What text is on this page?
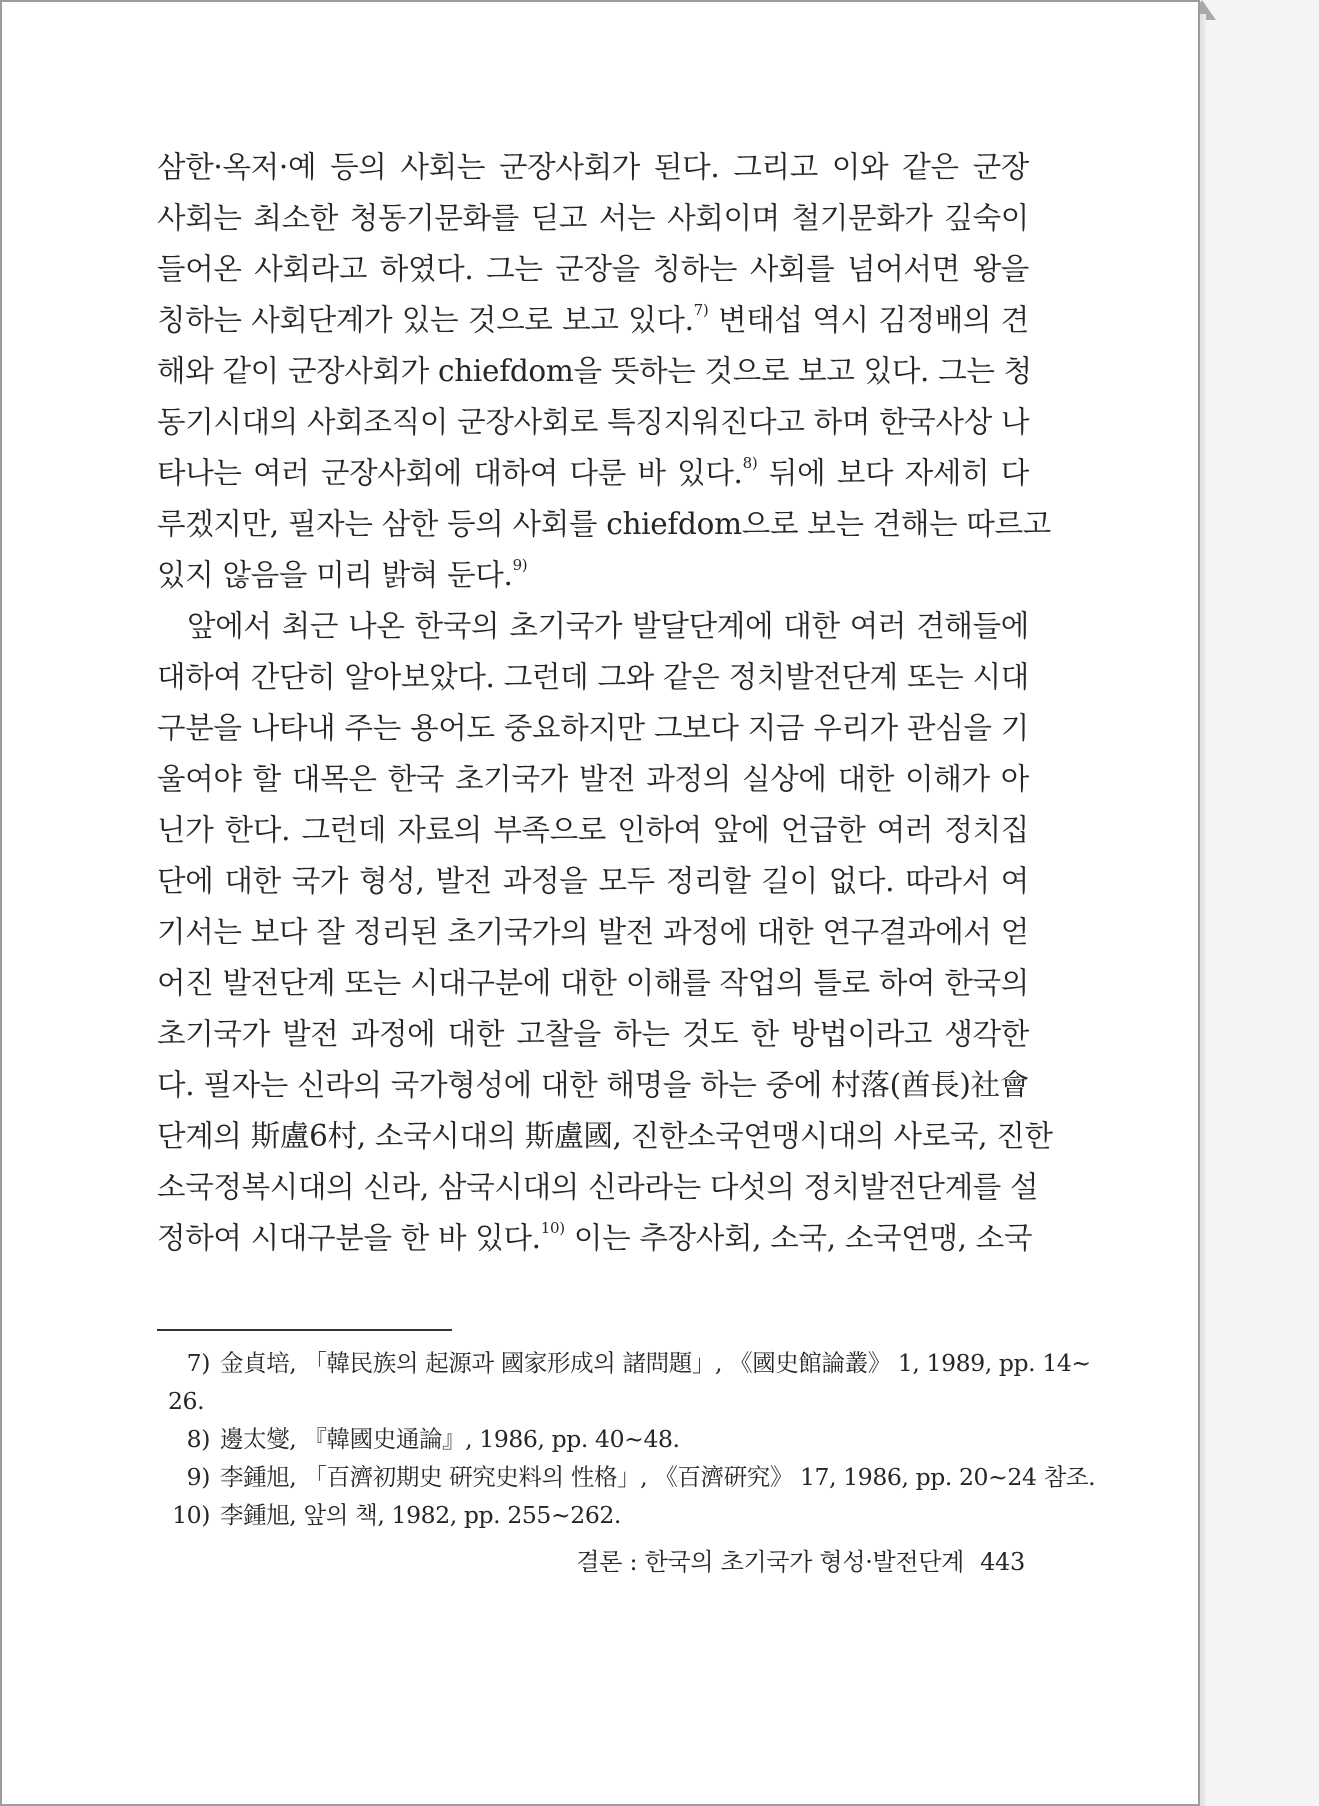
삼한·옥저·예 등의 사회는 군장사회가 된다. 그리고 이와 같은 군장
사회는 최소한 청동기문화를 딛고 서는 사회이며 철기문화가 깊숙이
들어온 사회라고 하였다. 그는 군장을 칭하는 사회를 넘어서면 왕을
칭하는 사회단계가 있는 것으로 보고 있다.$^{7)}$ 변태섭 역시 김정배의 견
해와 같이 군장사회가 chiefdom을 뜻하는 것으로 보고 있다. 그는 청
동기시대의 사회조직이 군장사회로 특징지워진다고 하며 한국사상 나
타나는 여러 군장사회에 대하여 다룬 바 있다.$^{8)}$ 뒤에 보다 자세히 다
루겠지만, 필자는 삼한 등의 사회를 chiefdom으로 보는 견해는 따르고
있지 않음을 미리 밝혀 둔다.$^{9)}$
앞에서 최근 나온 한국의 초기국가 발달단계에 대한 여러 견해들에
대하여 간단히 알아보았다. 그런데 그와 같은 정치발전단계 또는 시대
구분을 나타내 주는 용어도 중요하지만 그보다 지금 우리가 관심을 기
울여야 할 대목은 한국 초기국가 발전 과정의 실상에 대한 이해가 아
닌가 한다. 그런데 자료의 부족으로 인하여 앞에 언급한 여러 정치집
단에 대한 국가 형성, 발전 과정을 모두 정리할 길이 없다. 따라서 여
기서는 보다 잘 정리된 초기국가의 발전 과정에 대한 연구결과에서 얻
어진 발전단계 또는 시대구분에 대한 이해를 작업의 틀로 하여 한국의
초기국가 발전 과정에 대한 고찰을 하는 것도 한 방법이라고 생각한
다. 필자는 신라의 국가형성에 대한 해명을 하는 중에 村落(酋長)社會
단계의 斯盧6村, 소국시대의 斯盧國, 진한소국연맹시대의 사로국, 진한
소국정복시대의 신라, 삼국시대의 신라라는 다섯의 정치발전단계를 설
정하여 시대구분을 한 바 있다.$^{10)}$ 이는 추장사회, 소국, 소국연맹, 소국
7) 金貞培, 「韓民族의 起源과 國家形成의 諸問題」, 《國史館論叢》 1, 1989, pp. 14~
26.
8) 邊太燮, 『韓國史通論』, 1986, pp. 40~48.
9) 李鍾旭, 「百濟初期史 硏究史料의 性格」, 《百濟硏究》 17, 1986, pp. 20~24 참조.
10) 李鍾旭, 앞의 책, 1982, pp. 255~262.
결론 : 한국의 초기국가 형성·발전단계 443
